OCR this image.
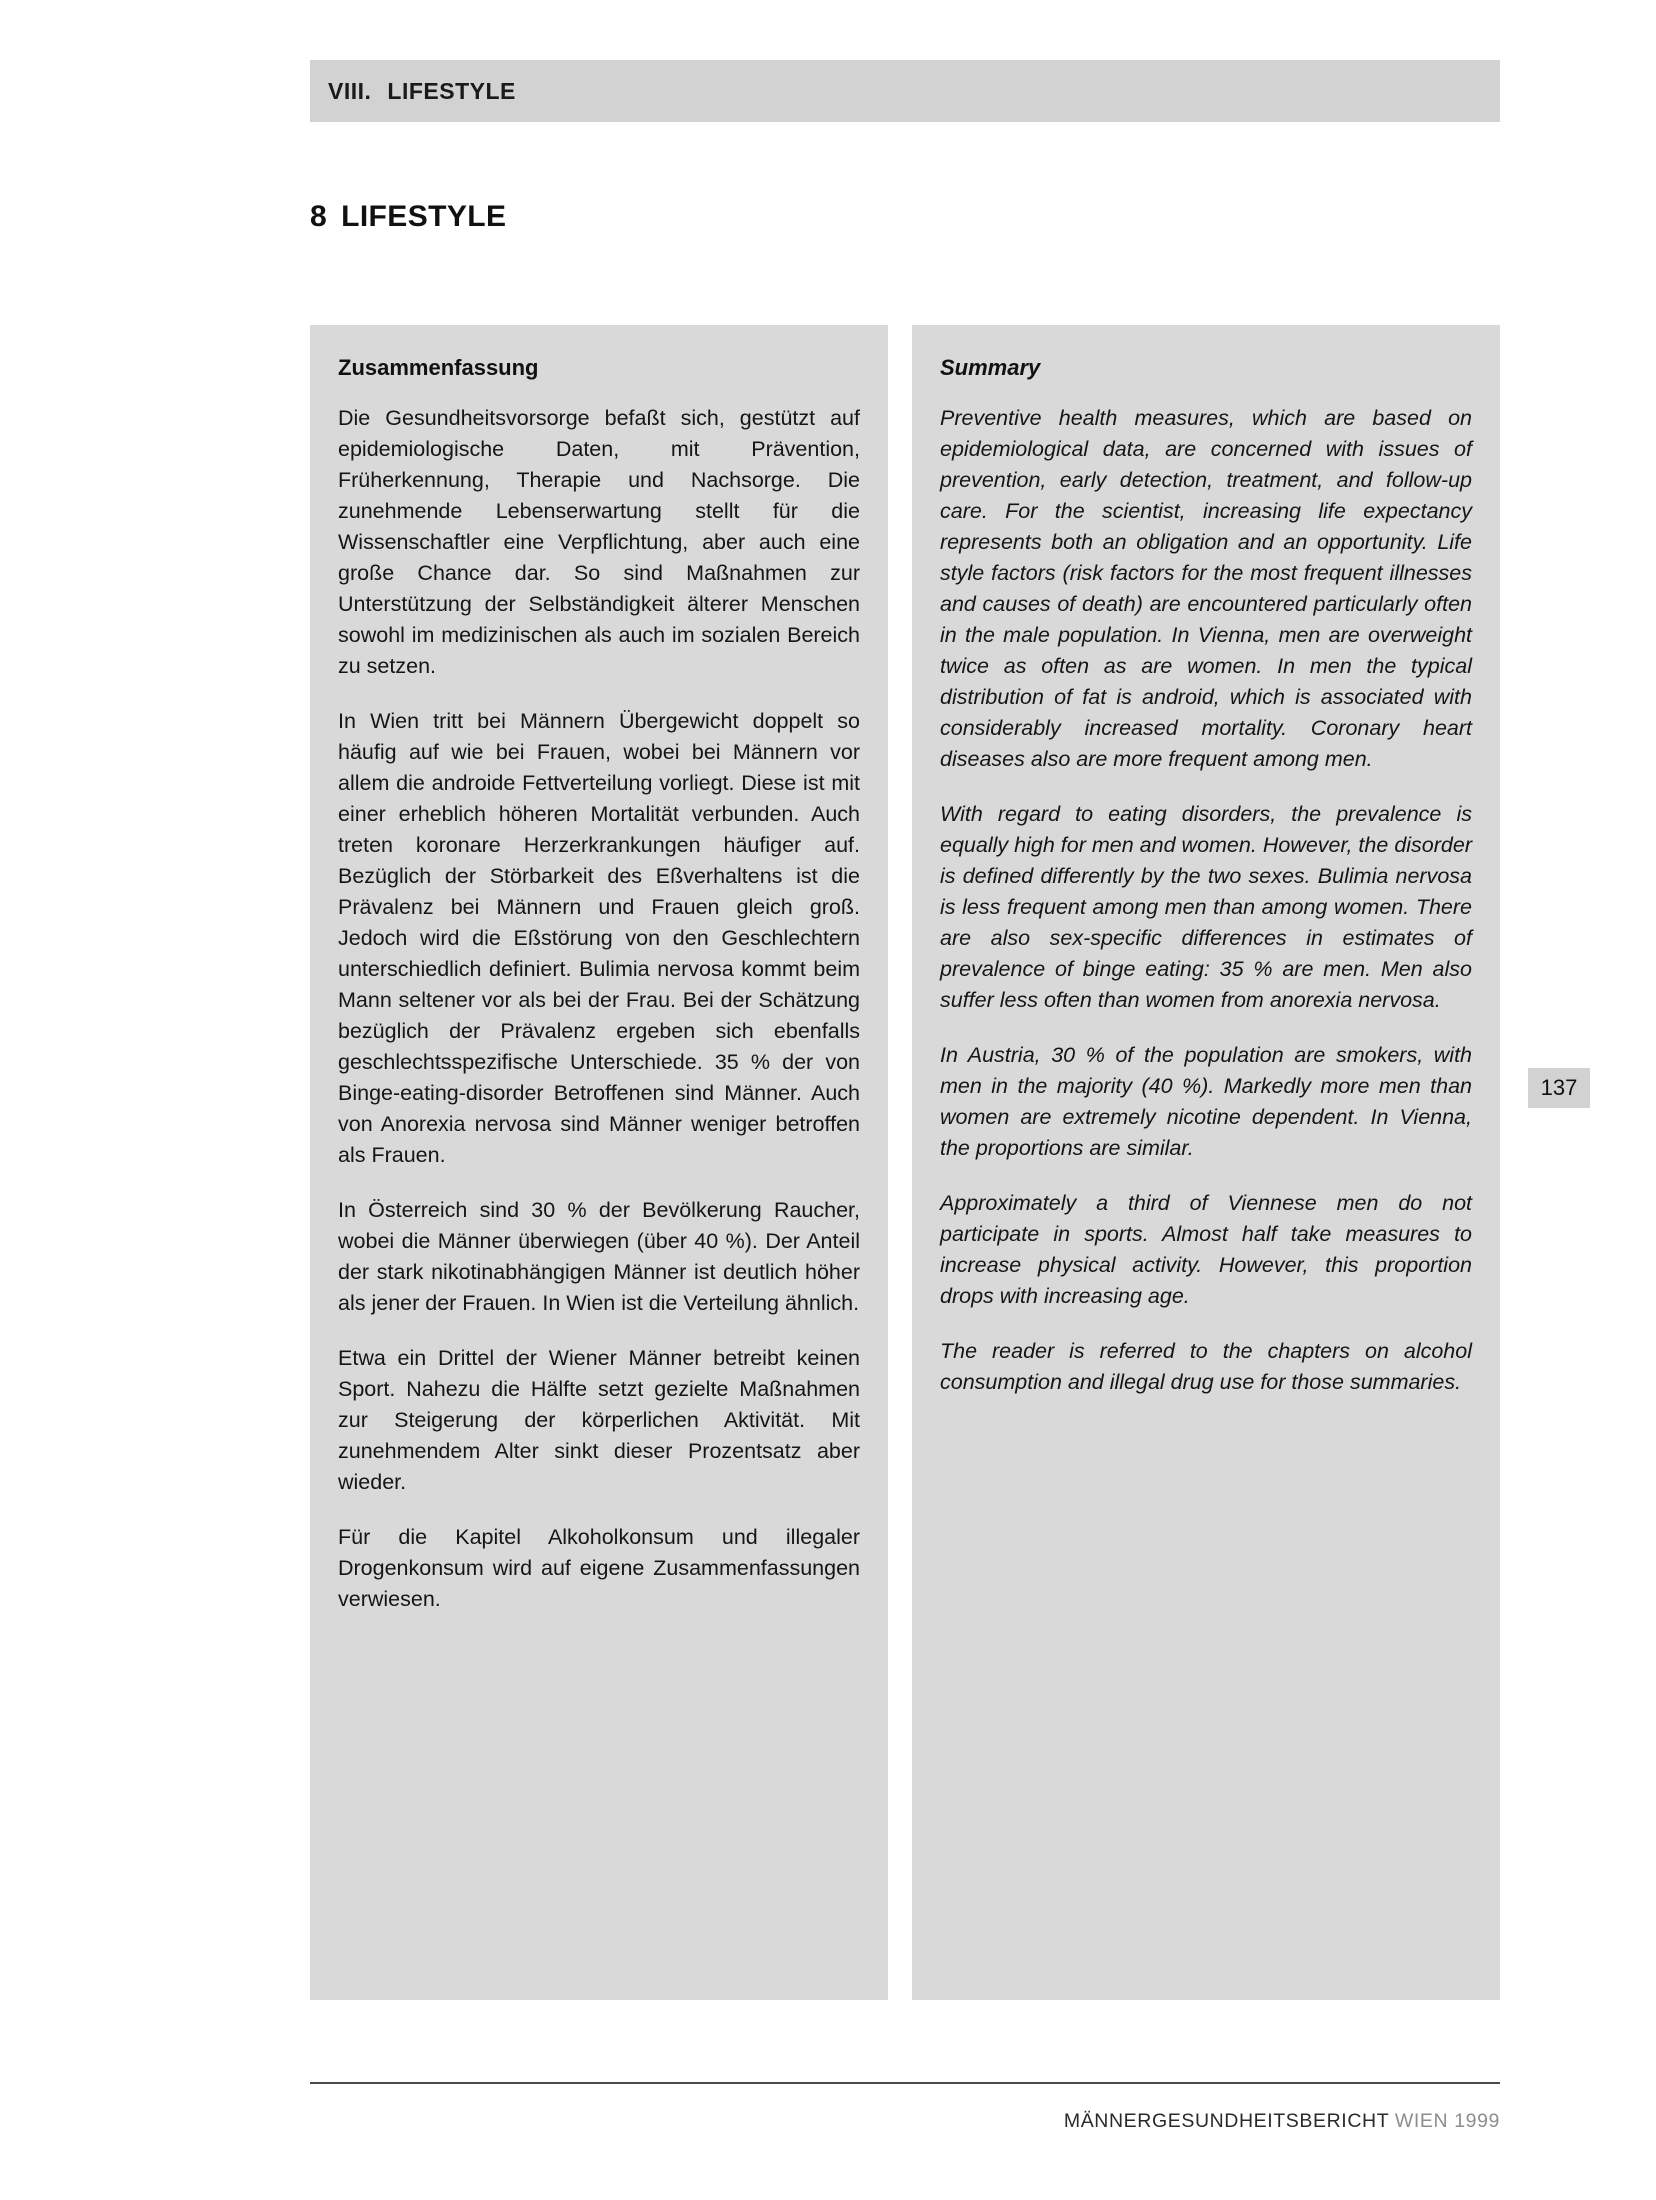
VIII. LIFESTYLE
8 LIFESTYLE
Zusammenfassung

Die Gesundheitsvorsorge befaßt sich, gestützt auf epidemiologische Daten, mit Prävention, Früherkennung, Therapie und Nachsorge. Die zunehmende Lebenserwartung stellt für die Wissenschaftler eine Verpflichtung, aber auch eine große Chance dar. So sind Maßnahmen zur Unterstützung der Selbständigkeit älterer Menschen sowohl im medizinischen als auch im sozialen Bereich zu setzen.

In Wien tritt bei Männern Übergewicht doppelt so häufig auf wie bei Frauen, wobei bei Männern vor allem die androide Fettverteilung vorliegt. Diese ist mit einer erheblich höheren Mortalität verbunden. Auch treten koronare Herzerkrankungen häufiger auf. Bezüglich der Störbarkeit des Eßverhaltens ist die Prävalenz bei Männern und Frauen gleich groß. Jedoch wird die Eßstörung von den Geschlechtern unterschiedlich definiert. Bulimia nervosa kommt beim Mann seltener vor als bei der Frau. Bei der Schätzung bezüglich der Prävalenz ergeben sich ebenfalls geschlechtsspezifische Unterschiede. 35 % der von Binge-eating-disorder Betroffenen sind Männer. Auch von Anorexia nervosa sind Männer weniger betroffen als Frauen.

In Österreich sind 30 % der Bevölkerung Raucher, wobei die Männer überwiegen (über 40 %). Der Anteil der stark nikotinabhängigen Männer ist deutlich höher als jener der Frauen. In Wien ist die Verteilung ähnlich.

Etwa ein Drittel der Wiener Männer betreibt keinen Sport. Nahezu die Hälfte setzt gezielte Maßnahmen zur Steigerung der körperlichen Aktivität. Mit zunehmendem Alter sinkt dieser Prozentsatz aber wieder.

Für die Kapitel Alkoholkonsum und illegaler Drogenkonsum wird auf eigene Zusammenfassungen verwiesen.

Summary

Preventive health measures, which are based on epidemiological data, are concerned with issues of prevention, early detection, treatment, and follow-up care. For the scientist, increasing life expectancy represents both an obligation and an opportunity. Life style factors (risk factors for the most frequent illnesses and causes of death) are encountered particularly often in the male population. In Vienna, men are overweight twice as often as are women. In men the typical distribution of fat is android, which is associated with considerably increased mortality. Coronary heart diseases also are more frequent among men.

With regard to eating disorders, the prevalence is equally high for men and women. However, the disorder is defined differently by the two sexes. Bulimia nervosa is less frequent among men than among women. There are also sex-specific differences in estimates of prevalence of binge eating: 35 % are men. Men also suffer less often than women from anorexia nervosa.

In Austria, 30 % of the population are smokers, with men in the majority (40 %). Markedly more men than women are extremely nicotine dependent. In Vienna, the proportions are similar.

Approximately a third of Viennese men do not participate in sports. Almost half take measures to increase physical activity. However, this proportion drops with increasing age.

The reader is referred to the chapters on alcohol consumption and illegal drug use for those summaries.

137
MÄNNERGESUNDHEITSBERICHT WIEN 1999
